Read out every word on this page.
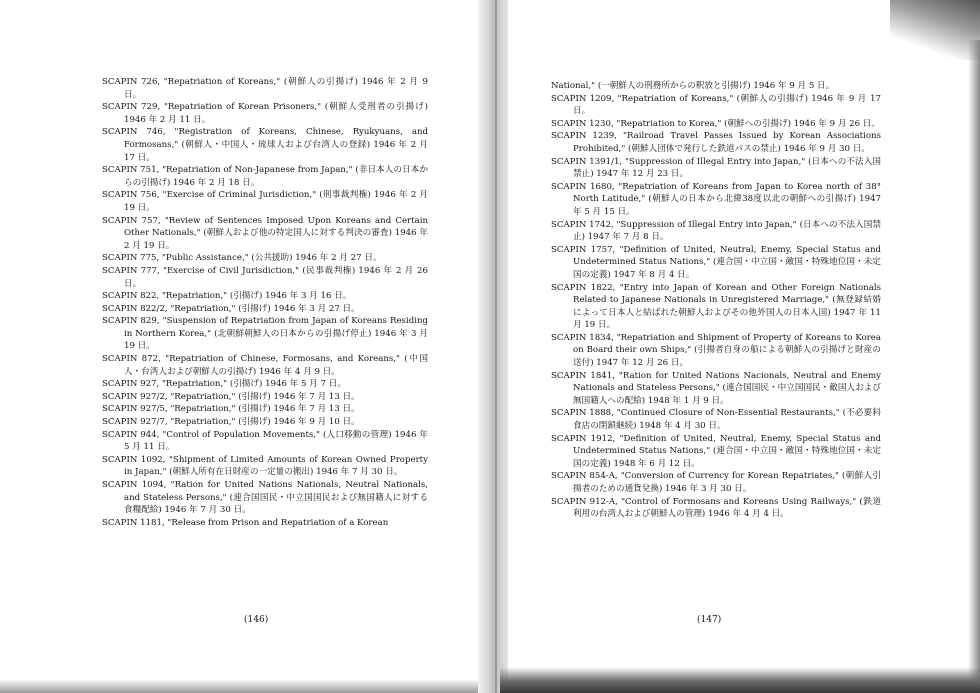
SCAPIN 726, "Repatriation of Koreans," (朝鮮人の引揚げ) 1946 年 2 月 9 日。
SCAPIN 729, "Repatriation of Korean Prisoners," (朝鮮人受刑者の引揚げ) 1946 年 2 月 11 日。
SCAPIN 746, "Registration of Koreans, Chinese, Ryukyuans, and Formosans," (朝鮮人・中国人・琉球人および台湾人の登録) 1946 年 2 月 17 日。
SCAPIN 751, "Repatriation of Non-Japanese from Japan," (非日本人の日本からの引揚げ) 1946 年 2 月 18 日。
SCAPIN 756, "Exercise of Criminal Jurisdiction," (刑事裁判権) 1946 年 2 月 19 日。
SCAPIN 757, "Review of Sentences Imposed Upon Koreans and Certain Other Nationals," (朝鮮人および他の特定国人に対する判決の審査) 1946 年 2 月 19 日。
SCAPIN 775, "Public Assistance," (公共援助) 1946 年 2 月 27 日。
SCAPIN 777, "Exercise of Civil Jurisdiction," (民事裁判権) 1946 年 2 月 26 日。
SCAPIN 822, "Repatriation," (引揚げ) 1946 年 3 月 16 日。
SCAPIN 822/2, "Repatriation," (引揚げ) 1946 年 3 月 27 日。
SCAPIN 829, "Suspension of Repatriation from Japan of Koreans Residing in Northern Korea," (北朝鮮朝鮮人の日本からの引揚げ停止) 1946 年 3 月 19 日。
SCAPIN 872, "Repatriation of Chinese, Formosans, and Koreans," (中国人・台湾人および朝鮮人の引揚げ) 1946 年 4 月 9 日。
SCAPIN 927, "Repatriation," (引揚げ) 1946 年 5 月 7 日。
SCAPIN 927/2, "Repatriation," (引揚げ) 1946 年 7 月 13 日。
SCAPIN 927/5, "Repatriation," (引揚げ) 1946 年 7 月 13 日。
SCAPIN 927/7, "Repatriation," (引揚げ) 1946 年 9 月 10 日。
SCAPIN 944, "Control of Population Movements," (人口移動の管理) 1946 年 5 月 11 日。
SCAPIN 1092, "Shipment of Limited Amounts of Korean Owned Property in Japan," (朝鮮人所有在日財産の一定量の搬出) 1946 年 7 月 30 日。
SCAPIN 1094, "Ration for United Nations Nationals, Neutral Nationals, and Stateless Persons," (連合国国民・中立国国民および無国籍人に対する食糧配給) 1946 年 7 月 30 日。
SCAPIN 1181, "Release from Prison and Repatriation of a Korean
National," (一朝鮮人の刑務所からの釈放と引揚げ) 1946 年 9 月 5 日。
SCAPIN 1209, "Repatriation of Koreans," (朝鮮人の引揚げ) 1946 年 9 月 17 日。
SCAPIN 1230, "Repatriation to Korea," (朝鮮への引揚げ) 1946 年 9 月 26 日。
SCAPIN 1239, "Railroad Travel Passes Issued by Korean Associations Prohibited," (朝鮮人団体で発行した鉄道パスの禁止) 1946 年 9 月 30 日。
SCAPIN 1391/1, "Suppression of Illegal Entry into Japan," (日本への不法入国禁止) 1947 年 12 月 23 日。
SCAPIN 1680, "Repatriation of Koreans from Japan to Korea north of 38° North Latitude," (朝鮮人の日本から北緯38度以北の朝鮮への引揚げ) 1947 年 5 月 15 日。
SCAPIN 1742, "Suppression of Illegal Entry into Japan," (日本への不法入国禁止) 1947 年 7 月 8 日。
SCAPIN 1757, "Definition of United, Neutral, Enemy, Special Status and Undetermined Status Nations," (連合国・中立国・敵国・特殊地位国・未定国の定義) 1947 年 8 月 4 日。
SCAPIN 1822, "Entry into Japan of Korean and Other Foreign Nationals Related to Japanese Nationals in Unregistered Marriage," (無登録結婚によって日本人と結ばれた朝鮮人およびその他外国人の日本入国) 1947 年 11 月 19 日。
SCAPIN 1834, "Repatriation and Shipment of Property of Koreans to Korea on Board their own Ships," (引揚者自身の船による朝鮮人の引揚げと財産の送付) 1947 年 12 月 26 日。
SCAPIN 1841, "Ration for United Nations Nacionals, Neutral and Enemy Nationals and Stateless Persons," (連合国国民・中立国国民・敵国人および無国籍人への配給) 1948 年 1 月 9 日。
SCAPIN 1888, "Continued Closure of Non-Essential Restaurants," (不必要料食店の閉鎖継続) 1948 年 4 月 30 日。
SCAPIN 1912, "Definition of United, Neutral, Enemy, Special Status and Undetermined Status Nations," (連合国・中立国・敵国・特殊地位国・未定国の定義) 1948 年 6 月 12 日。
SCAPIN 854-A, "Conversion of Currency for Korean Repatriates," (朝鮮人引揚者のための通貨兌換) 1946 年 3 月 30 日。
SCAPIN 912-A, "Control of Formosans and Koreans Using Railways," (鉄道利用の台湾人および朝鮮人の管理) 1946 年 4 月 4 日。
(146)	(147)
